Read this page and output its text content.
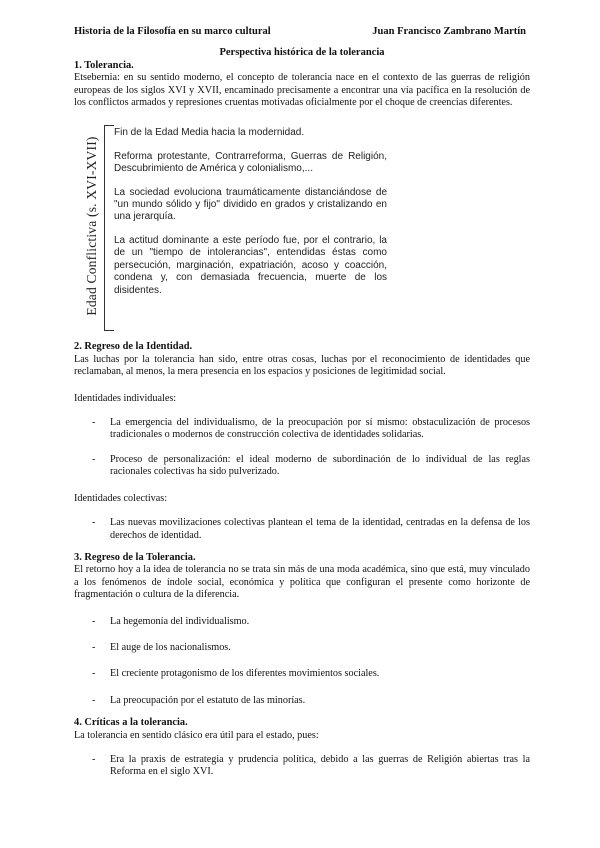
Historia de la Filosofía en su marco cultural	Juan Francisco Zambrano Martín
Perspectiva histórica de la tolerancia
1. Tolerancia.

Etsebernia: en su sentido moderno, el concepto de tolerancia nace en el contexto de las guerras de religión europeas de los siglos XVI y XVII, encaminado precisamente a encontrar una vía pacífica en la resolución de los conflictos armados y represiones cruentas motivadas oficialmente por el choque de creencias diferentes.

Edad Conflictiva (s. XVI-XVII)

Fin de la Edad Media hacia la modernidad.

Reforma protestante, Contrarreforma, Guerras de Religión, Descubrimiento de América y colonialismo,...

La sociedad evoluciona traumáticamente distanciándose de "un mundo sólido y fijo" dividido en grados y cristalizando en una jerarquía.

La actitud dominante a este período fue, por el contrario, la de un "tiempo de intolerancias", entendidas éstas como persecución, marginación, expatriación, acoso y coacción, condena y, con demasiada frecuencia, muerte de los disidentes.

2. Regreso de la Identidad.

Las luchas por la tolerancia han sido, entre otras cosas, luchas por el reconocimiento de identidades que reclamaban, al menos, la mera presencia en los espacios y posiciones de legitimidad social.

Identidades individuales:

- La emergencia del individualismo, de la preocupación por sí mismo: obstaculización de procesos tradicionales o modernos de construcción colectiva de identidades solidarias.
- Proceso de personalización: el ideal moderno de subordinación de lo individual de las reglas racionales colectivas ha sido pulverizado.

Identidades colectivas:

- Las nuevas movilizaciones colectivas plantean el tema de la identidad, centradas en la defensa de los derechos de identidad.
3. Regreso de la Tolerancia.

El retorno hoy a la idea de tolerancia no se trata sin más de una moda académica, sino que está, muy vinculado a los fenómenos de índole social, económica y política que configuran el presente como horizonte de fragmentación o cultura de la diferencia.

- La hegemonía del individualismo.
- El auge de los nacionalismos.
- El creciente protagonismo de los diferentes movimientos sociales.
- La preocupación por el estatuto de las minorías.
4. Críticas a la tolerancia.

La tolerancia en sentido clásico era útil para el estado, pues:

- Era la praxis de estrategia y prudencia política, debido a las guerras de Religión abiertas tras la Reforma en el siglo XVI.
